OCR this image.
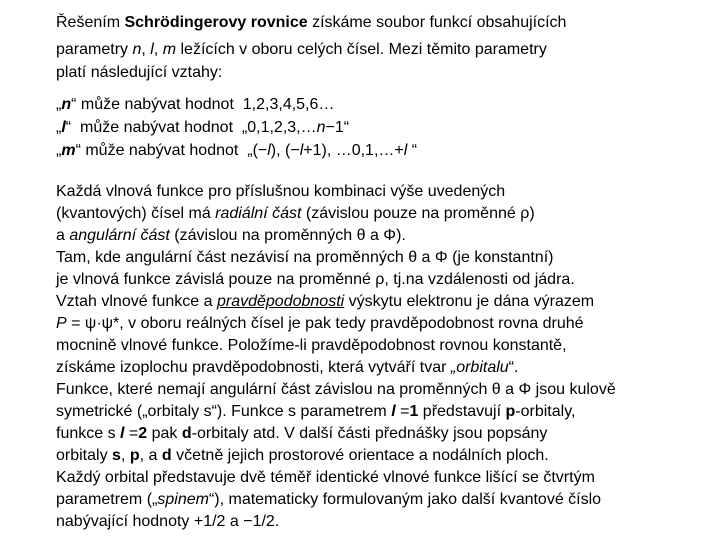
Řešením Schrödingerovy rovnice získáme soubor funkcí obsahujících
parametry n, l, m ležících v oboru celých čísel. Mezi těmito parametry
platí následující vztahy:
„n“ může nabývat hodnot 1,2,3,4,5,6…
„l“  může nabývat hodnot „0,1,2,3,…n−1“
„m“ může nabývat hodnot „(−l), (−l+1), …0,1,…+l “
Každá vlnová funkce pro příslušnou kombinaci výše uvedených
(kvantových) čísel má radiální část (závislou pouze na proměnné ρ)
a angulární část (závislou na proměnných θ a Φ).
Tam, kde angulární část nezávisí na proměnných θ a Φ (je konstantní)
je vlnová funkce závislá pouze na proměnné ρ, tj.na vzdálenosti od jádra.
Vztah vlnové funkce a pravděpodobnosti výskytu elektronu je dána výrazem
P = ψ·ψ*, v oboru reálných čísel je pak tedy pravděpodobnost rovna druhé
mocnině vlnové funkce. Položíme-li pravděpodobnost rovnou konstantě,
získáme izoplochu pravděpodobnosti, která vytváří tvar „orbitalu“.
Funkce, které nemají angulární část závislou na proměnných θ a Φ jsou kulově
symetrické („orbitaly s“). Funkce s parametrem l =1 představují p-orbitaly,
funkce s l =2 pak d-orbitaly atd. V další části přednášky jsou popsány
orbitaly s, p, a d včetně jejich prostorové orientace a nodálních ploch.
Každý orbital představuje dvě téměř identické vlnové funkce lišící se čtvrtým
parametrem („spinem“), matematicky formulovaným jako další kvantové číslo
nabývající hodnoty +1/2 a −1/2.
